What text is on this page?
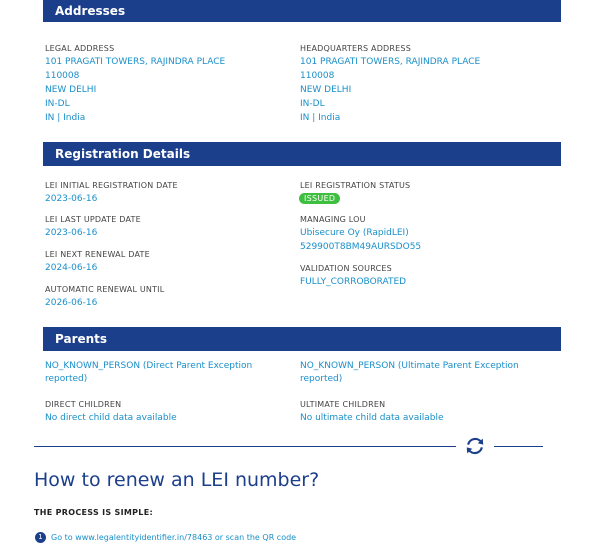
Addresses
LEGAL ADDRESS
101 PRAGATI TOWERS, RAJINDRA PLACE
110008
NEW DELHI
IN-DL
IN | India
HEADQUARTERS ADDRESS
101 PRAGATI TOWERS, RAJINDRA PLACE
110008
NEW DELHI
IN-DL
IN | India
Registration Details
LEI INITIAL REGISTRATION DATE
2023-06-16
LEI LAST UPDATE DATE
2023-06-16
LEI NEXT RENEWAL DATE
2024-06-16
AUTOMATIC RENEWAL UNTIL
2026-06-16
LEI REGISTRATION STATUS
ISSUED
MANAGING LOU
Ubisecure Oy (RapidLEI)
529900T8BM49AURSDO55
VALIDATION SOURCES
FULLY_CORROBORATED
Parents
NO_KNOWN_PERSON (Direct Parent Exception
reported)
NO_KNOWN_PERSON (Ultimate Parent Exception
reported)
DIRECT CHILDREN
No direct child data available
ULTIMATE CHILDREN
No ultimate child data available
How to renew an LEI number?
THE PROCESS IS SIMPLE:
1	Go to www.legalentityidentifier.in/78463 or scan the QR code
